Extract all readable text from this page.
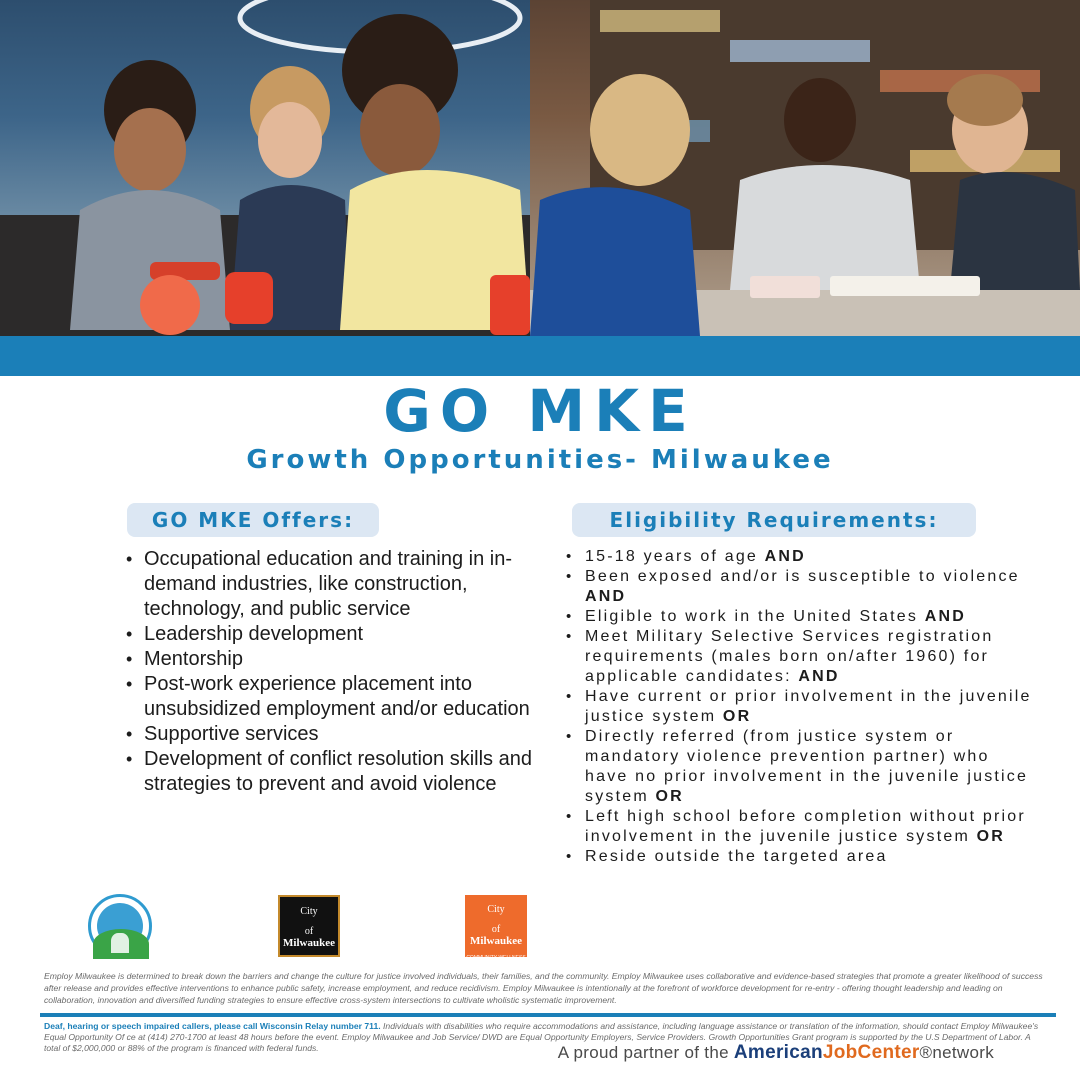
GO MKE
Growth Opportunities- Milwaukee
GO MKE Offers:
• Occupational education and training in in-demand industries, like construction, technology, and public service
• Leadership development
• Mentorship
• Post-work experience placement into unsubsidized employment and/or education
• Supportive services
• Development of conflict resolution skills and strategies to prevent and avoid violence
Eligibility Requirements:
• 15-18 years of age AND
• Been exposed and/or is susceptible to violence AND
• Eligible to work in the United States AND
• Meet Military Selective Services registration requirements (males born on/after 1960) for applicable candidates: AND
• Have current or prior involvement in the juvenile justice system OR
• Directly referred (from justice system or mandatory violence prevention partner) who have no prior involvement in the juvenile justice system OR
• Left high school before completion without prior involvement in the juvenile justice system OR
• Reside outside the targeted area
City
of
Milwaukee
AFRICAN AMERICAN AFFAIRS
City
of
Milwaukee
COMMUNITY WELLNESS AND SAFETY
Employ Milwaukee is determined to break down the barriers and change the culture for justice involved individuals, their families, and the community. Employ Milwaukee uses collaborative and evidence-based strategies that promote a greater likelihood of success after release and provides effective interventions to enhance public safety, increase employment, and reduce recidivism. Employ Milwaukee is intentionally at the forefront of workforce development for re-entry - offering thought leadership and leading on collaboration, innovation and diversified funding strategies to ensure effective cross-system intersections to cultivate wholistic systematic improvement.
Deaf, hearing or speech impaired callers, please call Wisconsin Relay number 711. Individuals with disabilities who require accommodations and assistance, including language assistance or translation of the information, should contact Employ Milwaukee's Equal Opportunity Of ce at (414) 270-1700 at least 48 hours before the event. Employ Milwaukee and Job Service/ DWD are Equal Opportunity Employers, Service Providers. Growth Opportunities Grant program is supported by the U.S Department of Labor. A total of $2,000,000 or 88% of the program is financed with federal funds.	A proud partner of the AmericanJobCenter®network
